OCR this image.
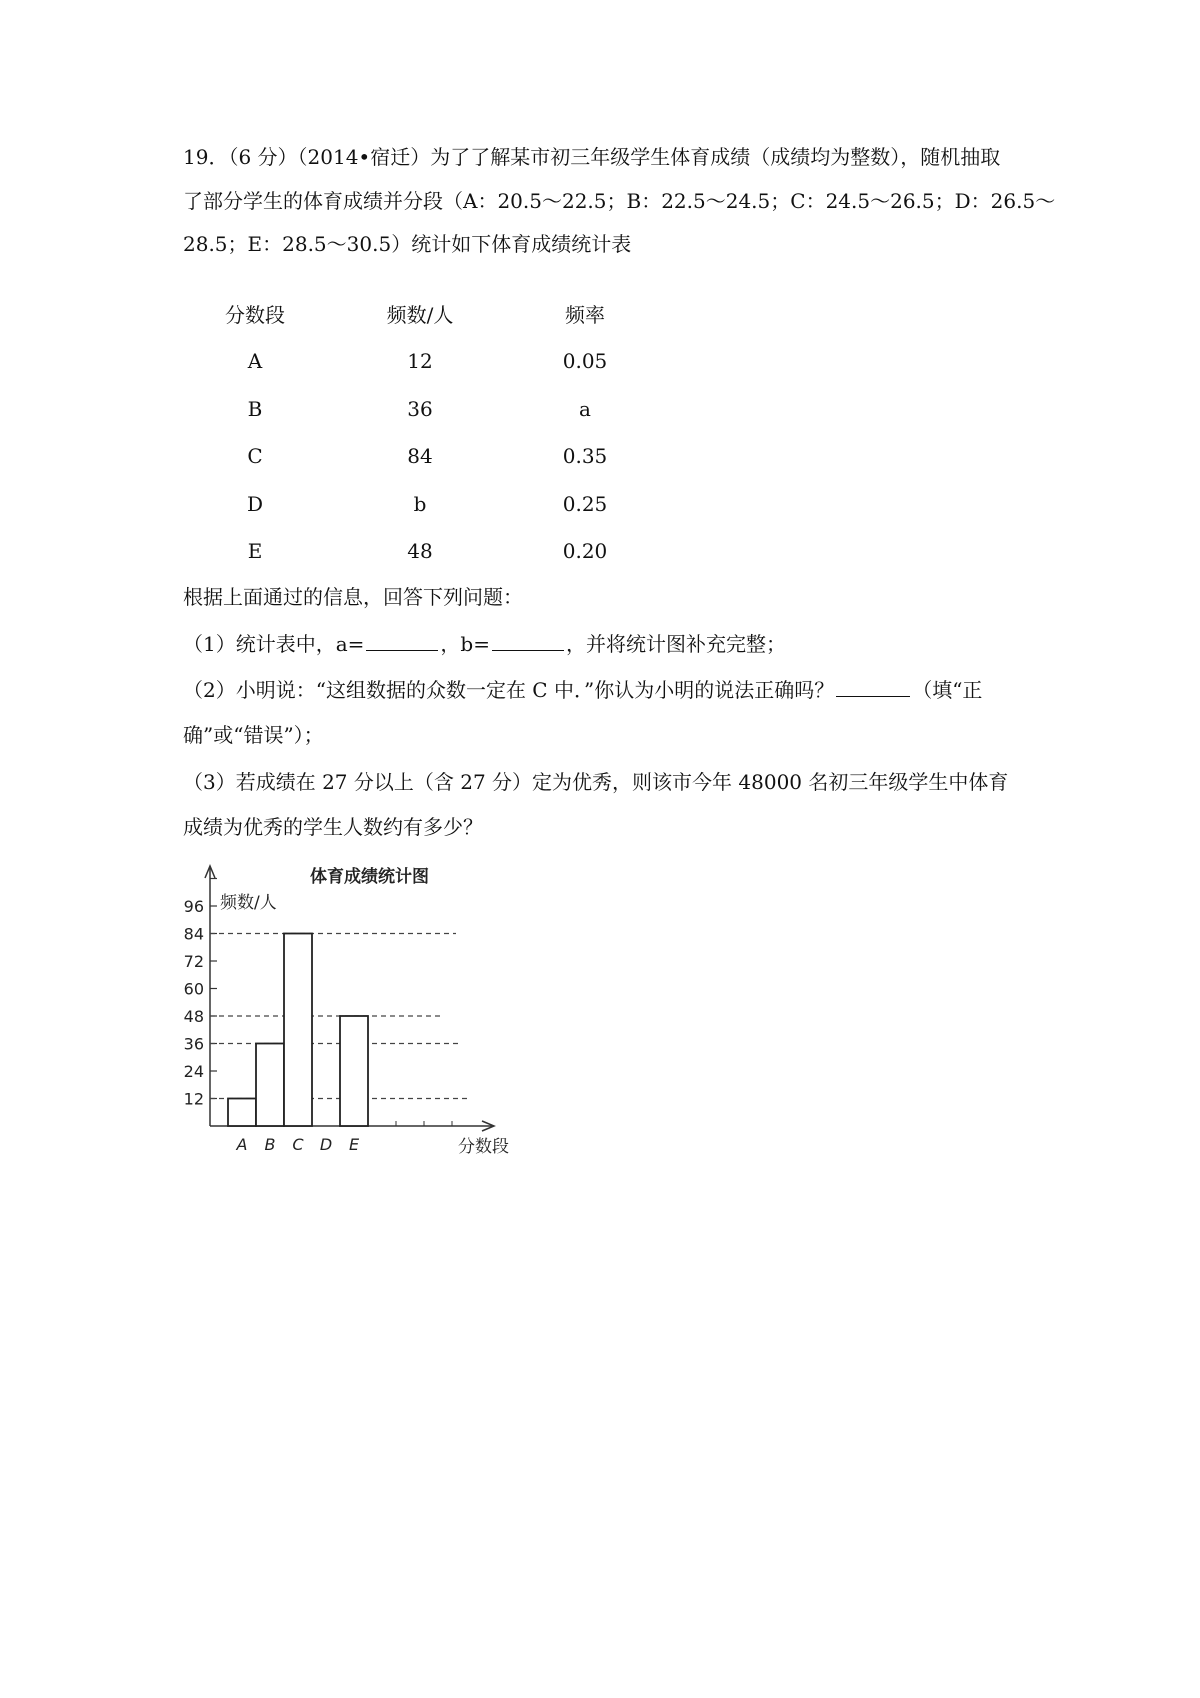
19．（6 分）（2014•宿迁）为了了解某市初三年级学生体育成绩（成绩均为整数），随机抽取
了部分学生的体育成绩并分段（A：20.5～22.5；B：22.5～24.5；C：24.5～26.5；D：26.5～
28.5；E：28.5～30.5）统计如下体育成绩统计表
分数段	频数/人	频率
A	12	0.05
B	36	a
C	84	0.35
D	b	0.25
E	48	0.20
根据上面通过的信息，回答下列问题：
（1）统计表中，a=	，b=	，并将统计图补充完整；
（2）小明说：“这组数据的众数一定在 C 中．”你认为小明的说法正确吗？	（填“正
确”或“错误”）；
（3）若成绩在 27 分以上（含 27 分）定为优秀，则该市今年 48000 名初三年级学生中体育
成绩为优秀的学生人数约有多少？
体育成绩统计图
频数/人
分数段
12
24
36
48
60
72
84
96
A B C D E
